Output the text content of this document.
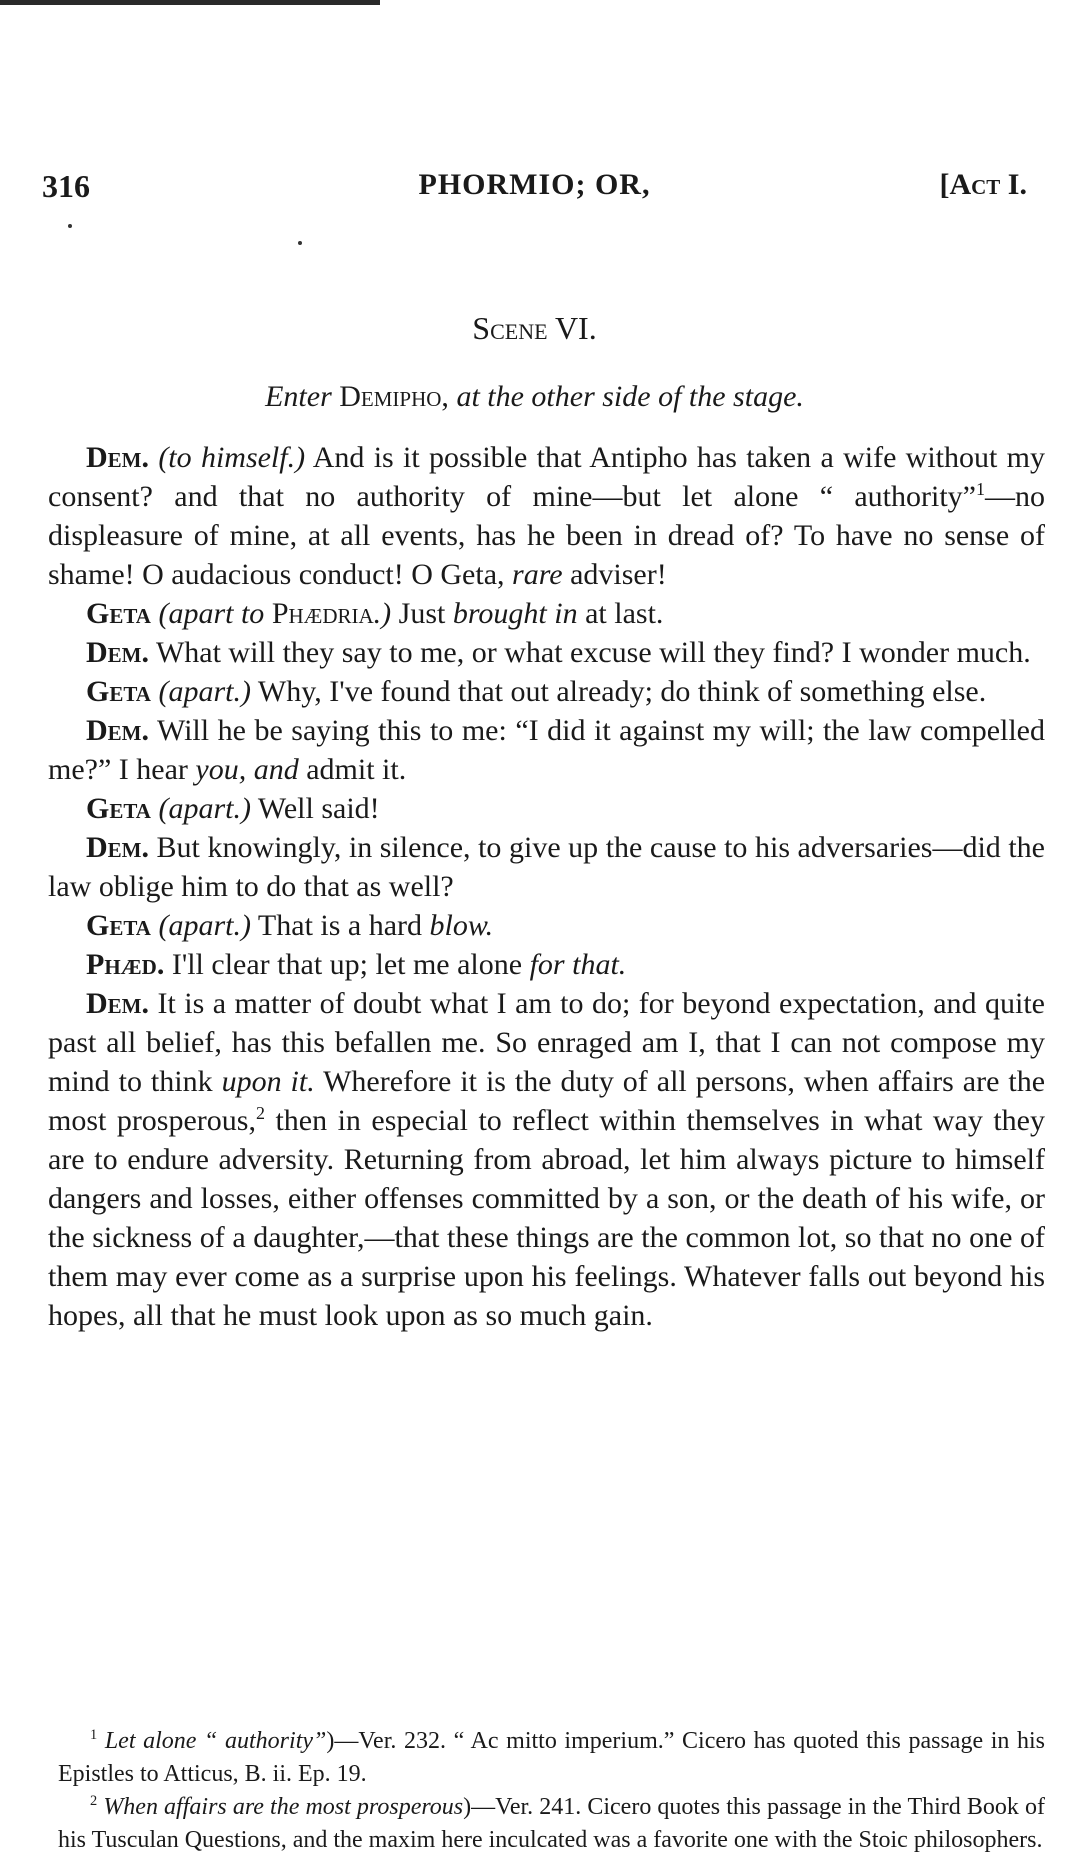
316	PHORMIO; OR,	[Act I.
Scene VI.
Enter Demipho, at the other side of the stage.

Dem. (to himself.) And is it possible that Antipho has taken a wife without my consent? and that no authority of mine—but let alone “ authority”$^1$—no displeasure of mine, at all events, has he been in dread of? To have no sense of shame! O audacious conduct! O Geta, rare adviser!

Geta (apart to Phædria.) Just brought in at last.

Dem. What will they say to me, or what excuse will they find? I wonder much.

Geta (apart.) Why, I've found that out already; do think of something else.

Dem. Will he be saying this to me: “I did it against my will; the law compelled me?” I hear you, and admit it.

Geta (apart.) Well said!

Dem. But knowingly, in silence, to give up the cause to his adversaries—did the law oblige him to do that as well?

Geta (apart.) That is a hard blow.

Phæd. I'll clear that up; let me alone for that.

Dem. It is a matter of doubt what I am to do; for beyond expectation, and quite past all belief, has this befallen me. So enraged am I, that I can not compose my mind to think upon it. Wherefore it is the duty of all persons, when affairs are the most prosperous,$^2$ then in especial to reflect within themselves in what way they are to endure adversity. Returning from abroad, let him always picture to himself dangers and losses, either offenses committed by a son, or the death of his wife, or the sickness of a daughter,—that these things are the common lot, so that no one of them may ever come as a surprise upon his feelings. Whatever falls out beyond his hopes, all that he must look upon as so much gain.

$^1$ Let alone “ authority”)—Ver. 232. “ Ac mitto imperium.” Cicero has quoted this passage in his Epistles to Atticus, B. ii. Ep. 19.

$^2$ When affairs are the most prosperous)—Ver. 241. Cicero quotes this passage in the Third Book of his Tusculan Questions, and the maxim here inculcated was a favorite one with the Stoic philosophers.
